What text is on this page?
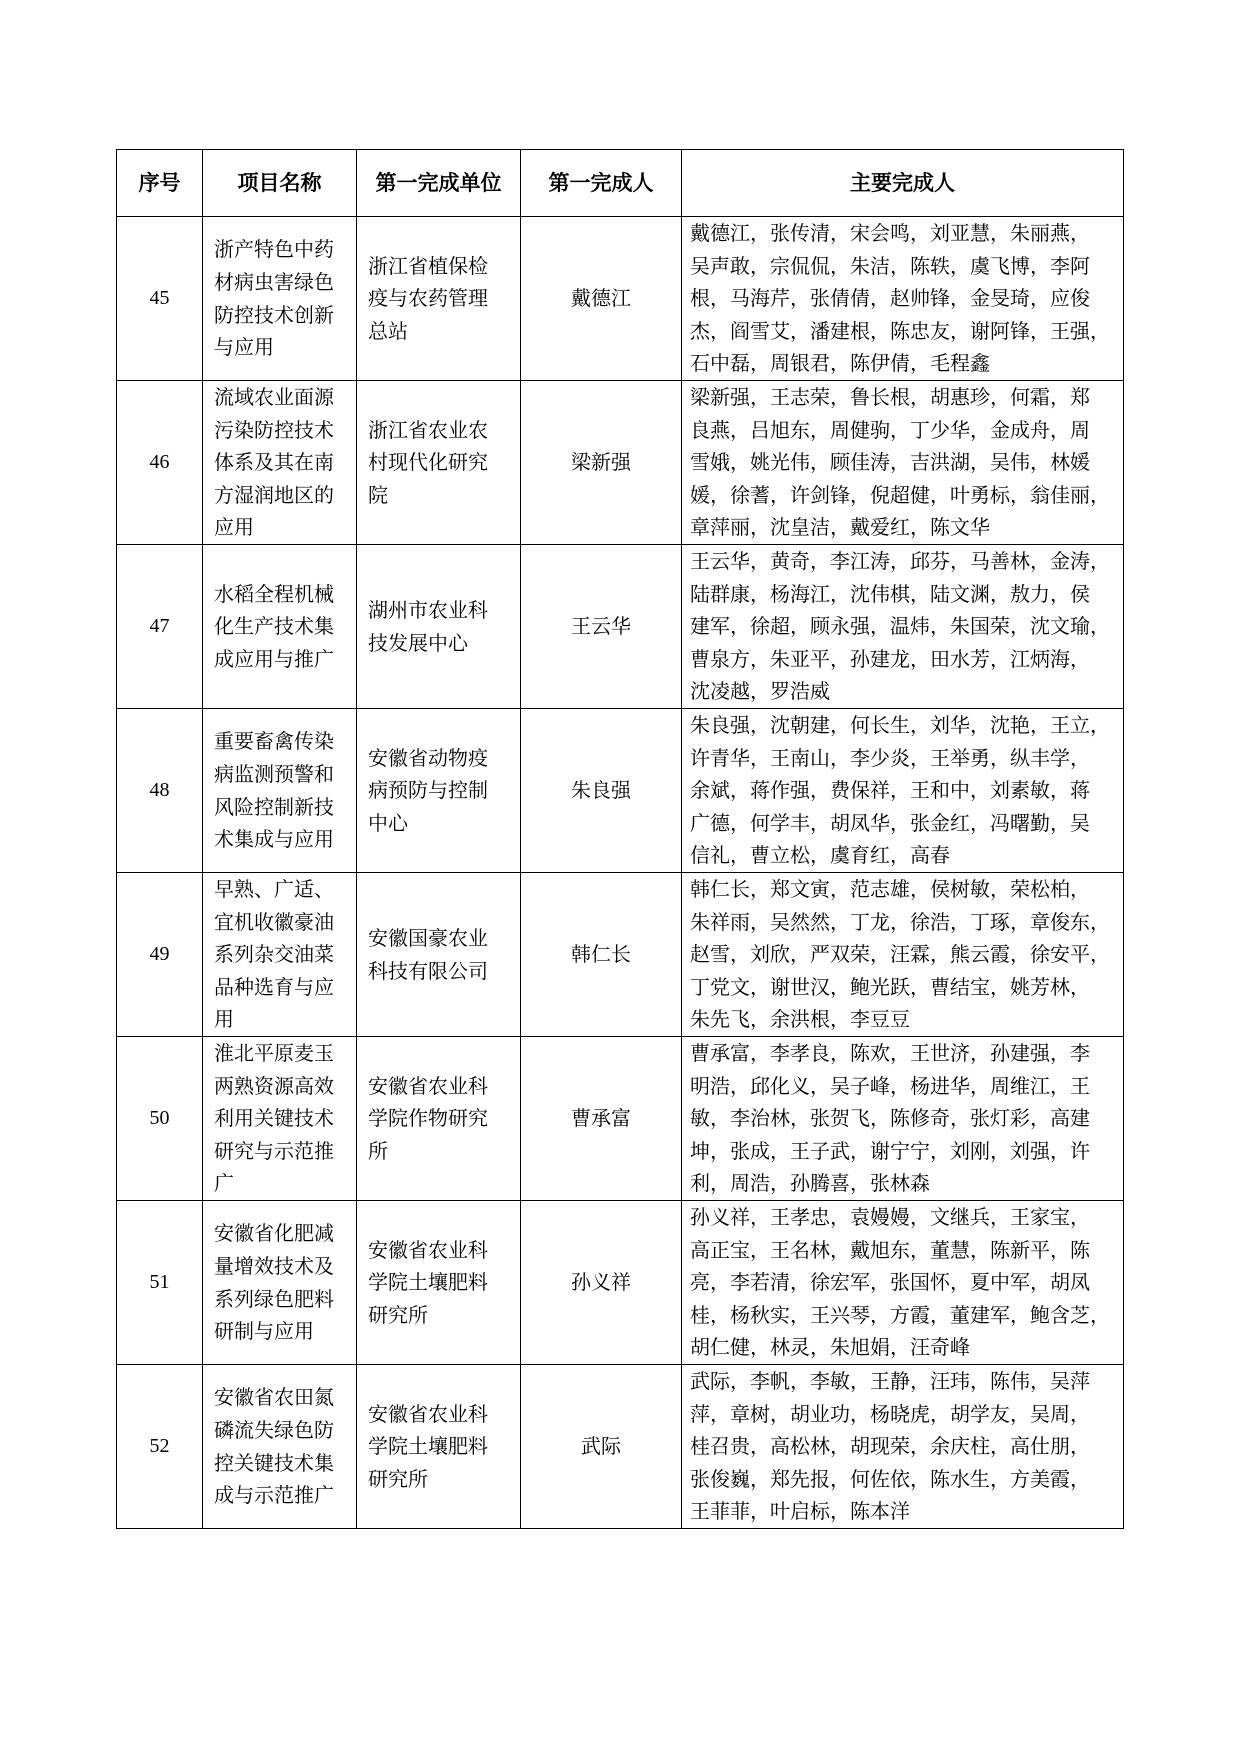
序号	项目名称	第一完成单位	第一完成人	主要完成人
45	浙产特色中药
材病虫害绿色
防控技术创新
与应用	浙江省植保检
疫与农药管理
总站	戴德江	戴德江，张传清，宋会鸣，刘亚慧，朱丽燕，
吴声敢，宗侃侃，朱洁，陈轶，虞飞博，李阿
根，马海芹，张倩倩，赵帅锋，金旻琦，应俊
杰，阎雪艾，潘建根，陈忠友，谢阿锋，王强，
石中磊，周银君，陈伊倩，毛程鑫
46	流域农业面源
污染防控技术
体系及其在南
方湿润地区的
应用	浙江省农业农
村现代化研究
院	梁新强	梁新强，王志荣，鲁长根，胡惠珍，何霜，郑
良燕，吕旭东，周健驹，丁少华，金成舟，周
雪娥，姚光伟，顾佳涛，吉洪湖，吴伟，林媛
媛，徐蓍，许剑锋，倪超健，叶勇标，翁佳丽，
章萍丽，沈皇洁，戴爱红，陈文华
47	水稻全程机械
化生产技术集
成应用与推广	湖州市农业科
技发展中心	王云华	王云华，黄奇，李江涛，邱芬，马善林，金涛，
陆群康，杨海江，沈伟棋，陆文渊，敖力，侯
建军，徐超，顾永强，温炜，朱国荣，沈文瑜，
曹泉方，朱亚平，孙建龙，田水芳，江炳海，
沈凌越，罗浩威
48	重要畜禽传染
病监测预警和
风险控制新技
术集成与应用	安徽省动物疫
病预防与控制
中心	朱良强	朱良强，沈朝建，何长生，刘华，沈艳，王立，
许青华，王南山，李少炎，王举勇，纵丰学，
余斌，蒋作强，费保祥，王和中，刘素敏，蒋
广德，何学丰，胡凤华，张金红，冯曙勤，吴
信礼，曹立松，虞育红，高春
49	早熟、广适、
宜机收徽豪油
系列杂交油菜
品种选育与应
用	安徽国豪农业
科技有限公司	韩仁长	韩仁长，郑文寅，范志雄，侯树敏，荣松柏，
朱祥雨，吴然然，丁龙，徐浩，丁琢，章俊东，
赵雪，刘欣，严双荣，汪霖，熊云霞，徐安平，
丁党文，谢世汉，鲍光跃，曹结宝，姚芳林，
朱先飞，余洪根，李豆豆
50	淮北平原麦玉
两熟资源高效
利用关键技术
研究与示范推
广	安徽省农业科
学院作物研究
所	曹承富	曹承富，李孝良，陈欢，王世济，孙建强，李
明浩，邱化义，吴子峰，杨进华，周维江，王
敏，李治林，张贺飞，陈修奇，张灯彩，高建
坤，张成，王子武，谢宁宁，刘刚，刘强，许
利，周浩，孙腾喜，张林森
51	安徽省化肥减
量增效技术及
系列绿色肥料
研制与应用	安徽省农业科
学院土壤肥料
研究所	孙义祥	孙义祥，王孝忠，袁嫚嫚，文继兵，王家宝，
高正宝，王名林，戴旭东，董慧，陈新平，陈
亮，李若清，徐宏军，张国怀，夏中军，胡凤
桂，杨秋实，王兴琴，方霞，董建军，鲍含芝，
胡仁健，林灵，朱旭娟，汪奇峰
52	安徽省农田氮
磷流失绿色防
控关键技术集
成与示范推广	安徽省农业科
学院土壤肥料
研究所	武际	武际，李帆，李敏，王静，汪玮，陈伟，吴萍
萍，章树，胡业功，杨晓虎，胡学友，吴周，
桂召贵，高松林，胡现荣，余庆柱，高仕朋，
张俊巍，郑先报，何佐依，陈水生，方美霞，
王菲菲，叶启标，陈本洋
